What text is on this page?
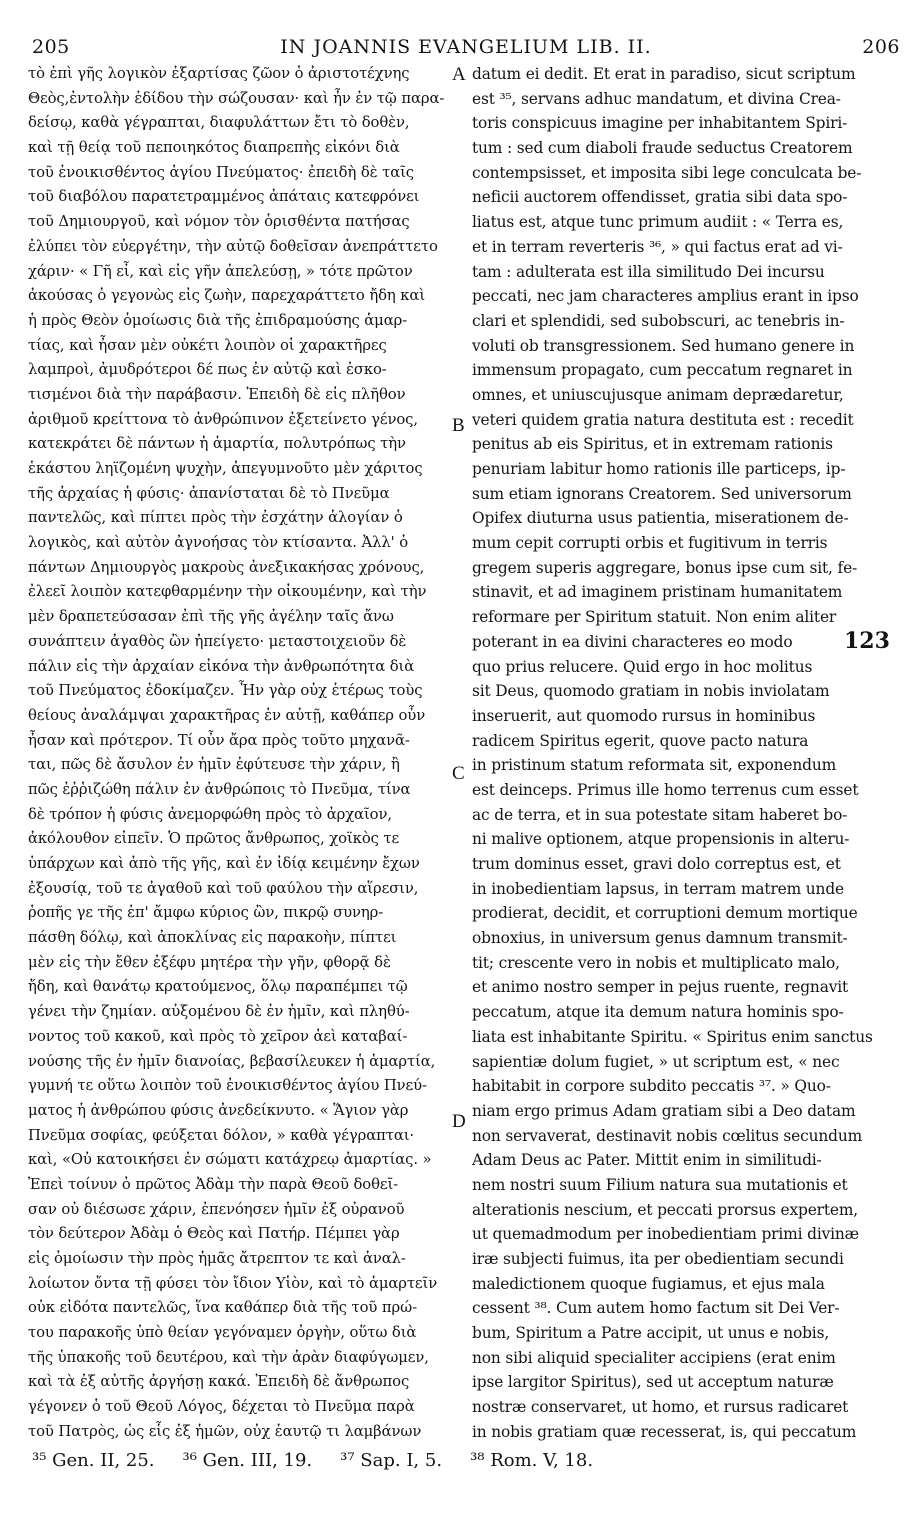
205	IN JOANNIS EVANGELIUM LIB. II.	206
τὸ ἐπὶ γῆς λογικὸν ἐξαρτίσας ζῶον ὁ ἀριστοτέχνης
Θεὸς,ἐντολὴν ἐδίδου τὴν σώζουσαν· καὶ ἦν ἐν τῷ παρα-
δείσῳ, καθὰ γέγραπται, διαφυλάττων ἔτι τὸ δοθὲν,
καὶ τῇ θείᾳ τοῦ πεποιηκότος διαπρεπὴς εἰκόνι διὰ
τοῦ ἐνοικισθέντος ἁγίου Πνεύματος· ἐπειδὴ δὲ ταῖς
τοῦ διαβόλου παρατετραμμένος ἀπάταις κατεφρόνει
τοῦ Δημιουργοῦ, καὶ νόμον τὸν ὁρισθέντα πατήσας
ἐλύπει τὸν εὐεργέτην, τὴν αὐτῷ δοθεῖσαν ἀνεπράττετο
χάριν· « Γῆ εἶ, καὶ εἰς γῆν ἀπελεύσῃ, » τότε πρῶτον
ἀκούσας ὁ γεγονὼς εἰς ζωὴν, παρεχαράττετο ἤδη καὶ
ἡ πρὸς Θεὸν ὁμοίωσις διὰ τῆς ἐπιδραμούσης ἁμαρ-
τίας, καὶ ἦσαν μὲν οὐκέτι λοιπὸν οἱ χαρακτῆρες
λαμπροὶ, ἀμυδρότεροι δέ πως ἐν αὐτῷ καὶ ἐσκο-
τισμένοι διὰ τὴν παράβασιν. Ἐπειδὴ δὲ εἰς πλῆθον
ἀριθμοῦ κρείττονα τὸ ἀνθρώπινον ἐξετείνετο γένος,
κατεκράτει δὲ πάντων ἡ ἁμαρτία, πολυτρόπως τὴν
ἑκάστου ληϊζομένη ψυχὴν, ἀπεγυμνοῦτο μὲν χάριτος
τῆς ἀρχαίας ἡ φύσις· ἀπανίσταται δὲ τὸ Πνεῦμα
παντελῶς, καὶ πίπτει πρὸς τὴν ἐσχάτην ἀλογίαν ὁ
λογικὸς, καὶ αὐτὸν ἀγνοήσας τὸν κτίσαντα. Ἀλλ' ὁ
πάντων Δημιουργὸς μακροὺς ἀνεξικακήσας χρόνους,
ἐλεεῖ λοιπὸν κατεφθαρμένην τὴν οἰκουμένην, καὶ τὴν
μὲν δραπετεύσασαν ἐπὶ τῆς γῆς ἀγέλην ταῖς ἄνω
συνάπτειν ἀγαθὸς ὢν ἠπείγετο· μεταστοιχειοῦν δὲ
πάλιν εἰς τὴν ἀρχαίαν εἰκόνα τὴν ἀνθρωπότητα διὰ
τοῦ Πνεύματος ἐδοκίμαζεν. Ἦν γὰρ οὐχ ἑτέρως τοὺς
θείους ἀναλάμψαι χαρακτῆρας ἐν αὐτῇ, καθάπερ οὖν
ἦσαν καὶ πρότερον. Τί οὖν ἄρα πρὸς τοῦτο μηχανᾶ-
ται, πῶς δὲ ἄσυλον ἐν ἡμῖν ἐφύτευσε τὴν χάριν, ἢ
πῶς ἐῤῥιζώθη πάλιν ἐν ἀνθρώποις τὸ Πνεῦμα, τίνα
δὲ τρόπον ἡ φύσις ἀνεμορφώθη πρὸς τὸ ἀρχαῖον,
ἀκόλουθον εἰπεῖν. Ὁ πρῶτος ἄνθρωπος, χοϊκὸς τε
ὑπάρχων καὶ ἀπὸ τῆς γῆς, καὶ ἐν ἰδίᾳ κειμένην ἔχων
ἐξουσίᾳ, τοῦ τε ἀγαθοῦ καὶ τοῦ φαύλου τὴν αἵρεσιν,
ῥοπῆς γε τῆς ἐπ' ἄμφω κύριος ὢν, πικρῷ συνηρ-
πάσθη δόλῳ, καὶ ἀποκλίνας εἰς παρακοὴν, πίπτει
μὲν εἰς τὴν ἔθεν ἐξέφυ μητέρα τὴν γῆν, φθορᾷ δὲ
ἤδη, καὶ θανάτῳ κρατούμενος, ὅλῳ παραπέμπει τῷ
γένει τὴν ζημίαν. αὐξομένου δὲ ἐν ἡμῖν, καὶ πληθύ-
νοντος τοῦ κακοῦ, καὶ πρὸς τὸ χεῖρον ἀεὶ καταβαί-
νούσης τῆς ἐν ἡμῖν διανοίας, βεβασίλευκεν ἡ ἁμαρτία,
γυμνή τε οὕτω λοιπὸν τοῦ ἐνοικισθέντος ἁγίου Πνεύ-
ματος ἡ ἀνθρώπου φύσις ἀνεδείκνυτο. « Ἅγιον γὰρ
Πνεῦμα σοφίας, φεύξεται δόλον, » καθὰ γέγραπται·
καὶ, «Οὐ κατοικήσει ἐν σώματι κατάχρεῳ ἁμαρτίας. »
Ἐπεὶ τοίνυν ὁ πρῶτος Ἀδὰμ τὴν παρὰ Θεοῦ δοθεῖ-
σαν οὐ διέσωσε χάριν, ἐπενόησεν ἡμῖν ἐξ οὐρανοῦ
τὸν δεύτερον Ἀδὰμ ὁ Θεὸς καὶ Πατήρ. Πέμπει γὰρ
εἰς ὁμοίωσιν τὴν πρὸς ἡμᾶς ἄτρεπτον τε καὶ ἀναλ-
λοίωτον ὄντα τῇ φύσει τὸν ἴδιον Υἱὸν, καὶ τὸ ἁμαρτεῖν
οὐκ εἰδότα παντελῶς, ἵνα καθάπερ διὰ τῆς τοῦ πρώ-
του παρακοῆς ὑπὸ θείαν γεγόναμεν ὀργὴν, οὕτω διὰ
τῆς ὑπακοῆς τοῦ δευτέρου, καὶ τὴν ἀρὰν διαφύγωμεν,
καὶ τὰ ἐξ αὐτῆς ἀργήσῃ κακά. Ἐπειδὴ δὲ ἄνθρωπος
γέγονεν ὁ τοῦ Θεοῦ Λόγος, δέχεται τὸ Πνεῦμα παρὰ
τοῦ Πατρὸς, ὡς εἷς ἐξ ἡμῶν, οὐχ ἑαυτῷ τι λαμβάνων
datum ei dedit. Et erat in paradiso, sicut scriptum
est ³⁵, servans adhuc mandatum, et divina Crea-
toris conspicuus imagine per inhabitantem Spiri-
tum : sed cum diaboli fraude seductus Creatorem
contempsisset, et imposita sibi lege conculcata be-
neficii auctorem offendisset, gratia sibi data spo-
liatus est, atque tunc primum audiit : « Terra es,
et in terram reverteris ³⁶, » qui factus erat ad vi-
tam : adulterata est illa similitudo Dei incursu
peccati, nec jam characteres amplius erant in ipso
clari et splendidi, sed subobscuri, ac tenebris in-
voluti ob transgressionem. Sed humano genere in
immensum propagato, cum peccatum regnaret in
omnes, et uniuscujusque animam deprædaretur,
veteri quidem gratia natura destituta est : recedit
penitus ab eis Spiritus, et in extremam rationis
penuriam labitur homo rationis ille particeps, ip-
sum etiam ignorans Creatorem. Sed universorum
Opifex diuturna usus patientia, miserationem de-
mum cepit corrupti orbis et fugitivum in terris
gregem superis aggregare, bonus ipse cum sit, fe-
stinavit, et ad imaginem pristinam humanitatem
reformare per Spiritum statuit. Non enim aliter
poterant in ea divini characteres eo modo
quo prius relucere. Quid ergo in hoc molitus
sit Deus, quomodo gratiam in nobis inviolatam
inseruerit, aut quomodo rursus in hominibus
radicem Spiritus egerit, quove pacto natura
in pristinum statum reformata sit, exponendum
est deinceps. Primus ille homo terrenus cum esset
ac de terra, et in sua potestate sitam haberet bo-
ni malive optionem, atque propensionis in alteru-
trum dominus esset, gravi dolo correptus est, et
in inobedientiam lapsus, in terram matrem unde
prodierat, decidit, et corruptioni demum mortique
obnoxius, in universum genus damnum transmit-
tit; crescente vero in nobis et multiplicato malo,
et animo nostro semper in pejus ruente, regnavit
peccatum, atque ita demum natura hominis spo-
liata est inhabitante Spiritu. « Spiritus enim sanctus
sapientiæ dolum fugiet, » ut scriptum est, « nec
habitabit in corpore subdito peccatis ³⁷. » Quo-
niam ergo primus Adam gratiam sibi a Deo datam
non servaverat, destinavit nobis cœlitus secundum
Adam Deus ac Pater. Mittit enim in similitudi-
nem nostri suum Filium natura sua mutationis et
alterationis nescium, et peccati prorsus expertem,
ut quemadmodum per inobedientiam primi divinæ
iræ subjecti fuimus, ita per obedientiam secundi
maledictionem quoque fugiamus, et ejus mala
cessent ³⁸. Cum autem homo factum sit Dei Ver-
bum, Spiritum a Patre accipit, ut unus e nobis,
non sibi aliquid specialiter accipiens (erat enim
ipse largitor Spiritus), sed ut acceptum naturæ
nostræ conservaret, ut homo, et rursus radicaret
in nobis gratiam quæ recesserat, is, qui peccatum
A
B
C
D
123
³⁵ Gen. II, 25. ³⁶ Gen. III, 19. ³⁷ Sap. I, 5. ³⁸ Rom. V, 18.
